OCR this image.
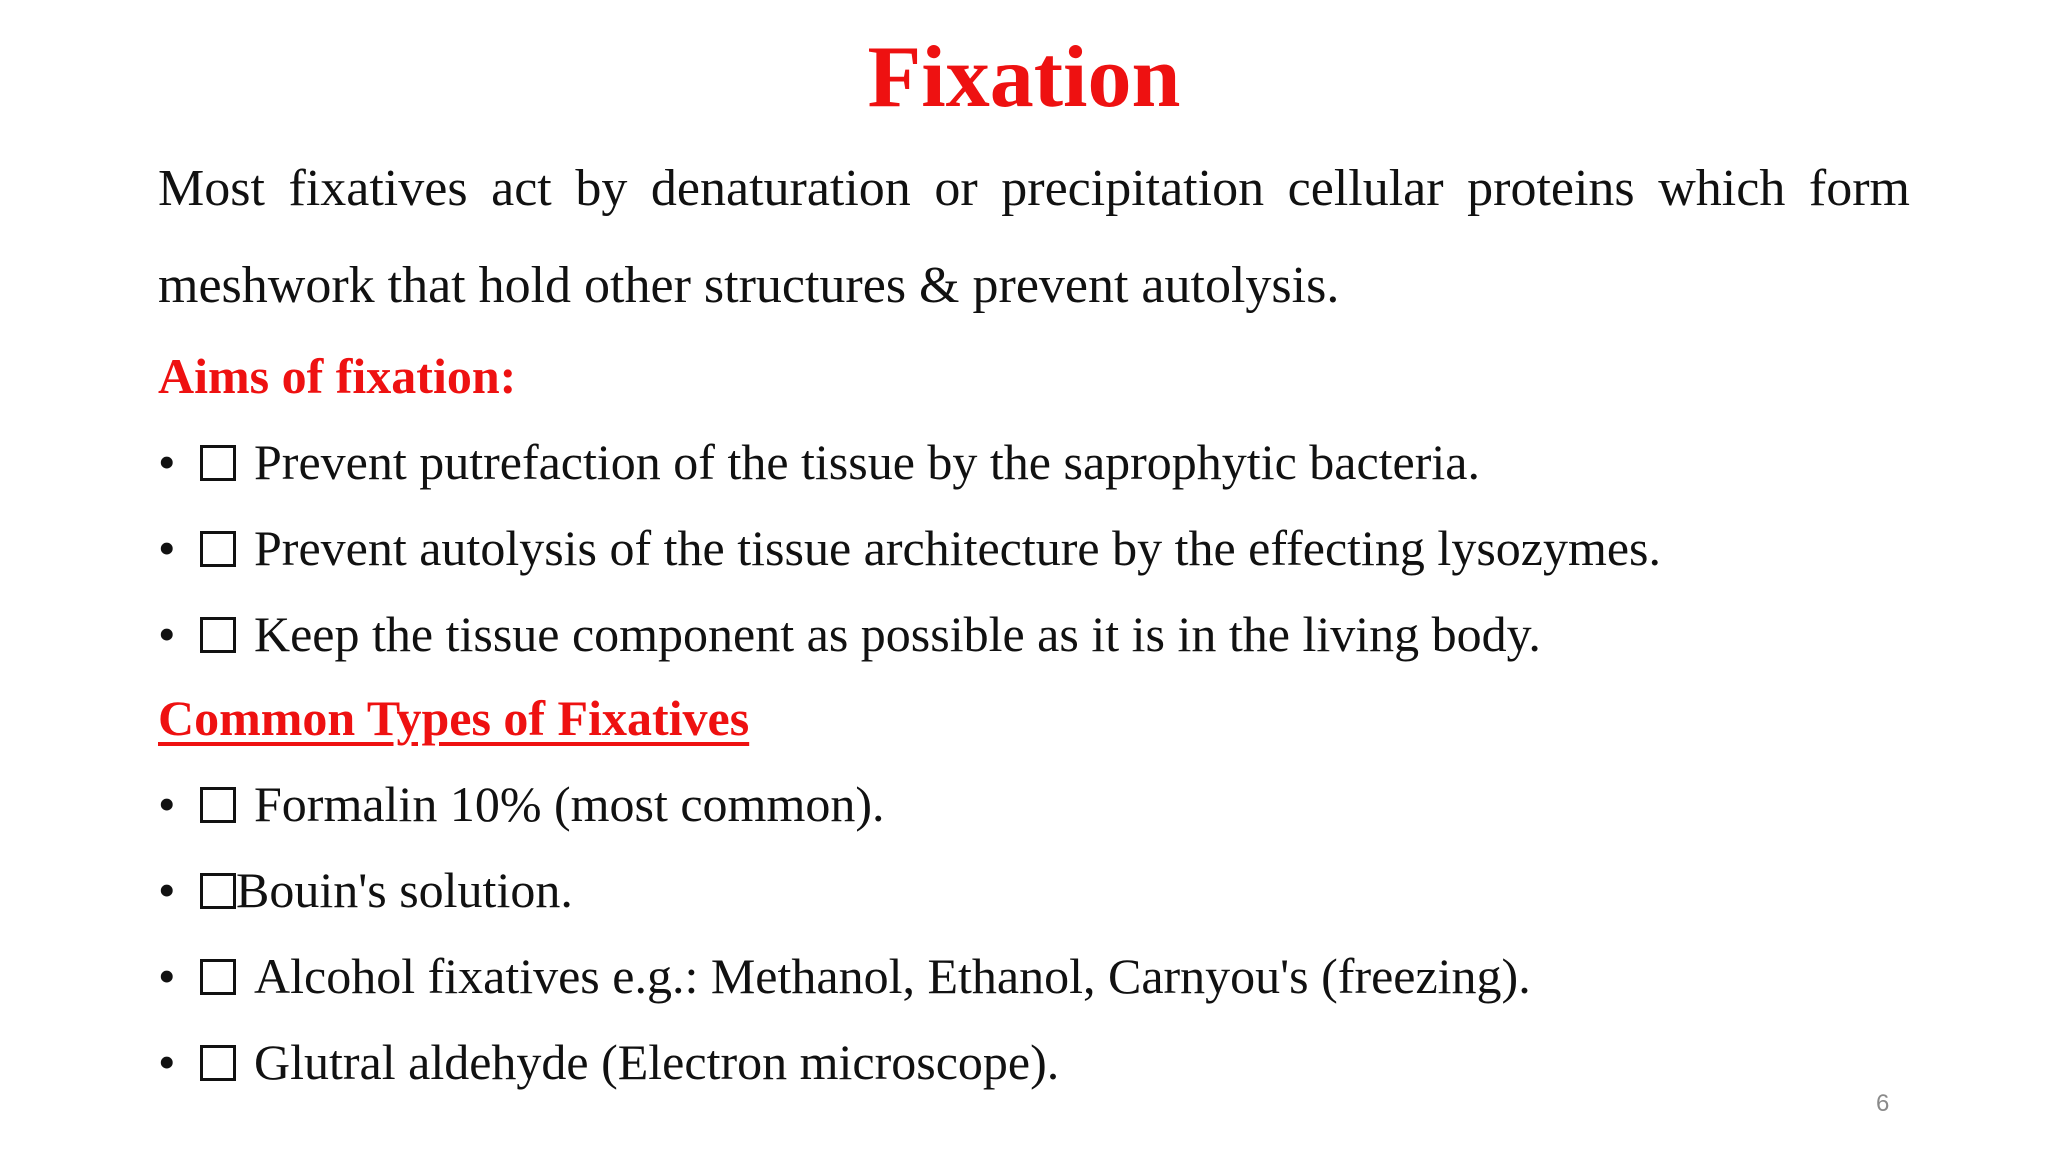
Fixation
Most fixatives act by denaturation or precipitation cellular proteins which form meshwork that hold other structures & prevent autolysis.
Aims of fixation:
• Prevent putrefaction of the tissue by the saprophytic bacteria.
• Prevent autolysis of the tissue architecture by the effecting lysozymes.
• Keep the tissue component as possible as it is in the living body.
Common Types of Fixatives
• Formalin 10% (most common).
• Bouin's solution.
• Alcohol fixatives e.g.: Methanol, Ethanol, Carnyou's (freezing).
• Glutral aldehyde (Electron microscope).
6
